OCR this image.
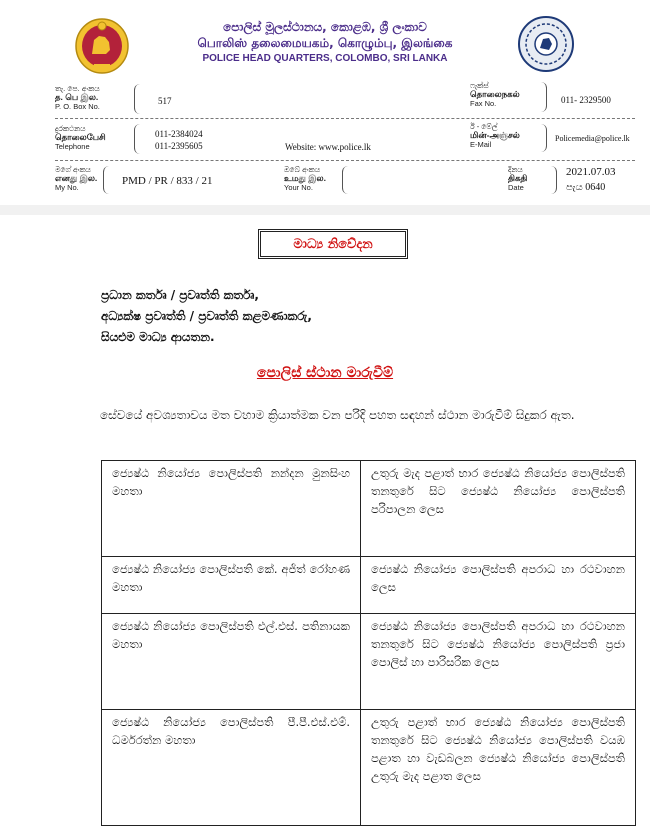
පොලිස් මූලස්ථානය, කොළඹ, ශ්‍රී ලංකාව
பொலிஸ் தலைமையகம், கொழும்பு, இலங்கை
POLICE HEAD QUARTERS, COLOMBO, SRI LANKA
තැ. පෙ. අංකය
த. பெ இல.
P. O. Box No.
517
ෆැක්ස්
தொலைநகல்
Fax No.	011- 2329500
දුරකථනය
தொலைபேசி
Telephone
011-2384024
011-2395605	Website: www.police.lk
ඊ - මේල්
மின்-அஞ்சல்
E-Mail
Policemedia@police.lk
මගේ අංකය
எனது இல.
My No.
PMD / PR / 833 / 21
ඔබේ අංකය
உமது இல.
Your No.
දිනය
திகதி
Date
2021.07.03
පැය 0640
මාධ්‍ය නිවේදන
ප්‍රධාන කර්තෘ / ප්‍රවෘත්ති කර්තෘ,
අධ්‍යක්ෂ ප්‍රවෘත්ති / ප්‍රවෘත්ති කළමණාකරු,
සියළුම මාධ්‍ය ආයතන.
පොලිස් ස්ථාන මාරුවීම්
සේවයේ අවශ්‍යතාවය මත වහාම ක්‍රියාත්මක වන පරිදි පහත සඳහන් ස්ථාන මාරුවීම් සිදුකර ඇත.
ජ්‍යෙෂ්ඨ නියෝජ්‍ය පොලිස්පති නන්දන මුනසිංහ මහතා	උතුරු මැද පළාත් භාර ජ්‍යෙෂ්ඨ නියෝජ්‍ය පොලිස්පති තනතුරේ සිට ජ්‍යෙෂ්ඨ නියෝජ්‍ය පොලිස්පති පරිපාලන ලෙස
ජ්‍යෙෂ්ඨ නියෝජ්‍ය පොලිස්පති කේ. අජිත් රෝහණ මහතා	ජ්‍යෙෂ්ඨ නියෝජ්‍ය පොලිස්පති අපරාධ හා රථවාහන ලෙස
ජ්‍යෙෂ්ඨ නියෝජ්‍ය පොලිස්පති එල්.එස්. පතිනායක මහතා	ජ්‍යෙෂ්ඨ නියෝජ්‍ය පොලිස්පති අපරාධ හා රථවාහන තනතුරේ සිට ජ්‍යෙෂ්ඨ නියෝජ්‍ය පොලිස්පති ප්‍රජා පොලිස් හා පාරිසරික ලෙස
ජ්‍යෙෂ්ඨ නියෝජ්‍ය පොලිස්පති පී.පී.එස්.එම්. ධර්මරත්න මහතා	උතුරු පළාත් භාර ජ්‍යෙෂ්ඨ නියෝජ්‍ය පොලිස්පති තනතුරේ සිට ජ්‍යෙෂ්ඨ නියෝජ්‍ය පොලිස්පති වයඹ පළාත හා වැඩබලන ජ්‍යෙෂ්ඨ නියෝජ්‍ය පොලිස්පති උතුරු මැද පළාත ලෙස
